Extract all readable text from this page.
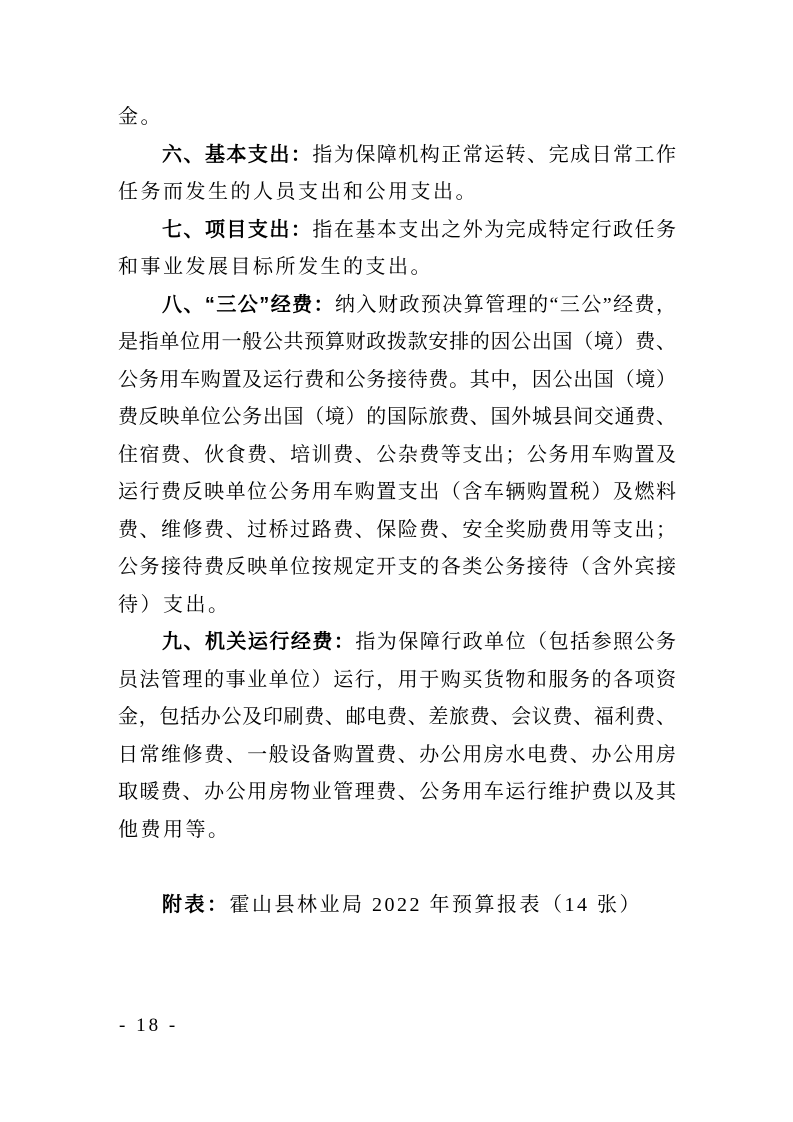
金。
六、基本支出：指为保障机构正常运转、完成日常工作
任务而发生的人员支出和公用支出。
七、项目支出：指在基本支出之外为完成特定行政任务
和事业发展目标所发生的支出。
八、“三公”经费：纳入财政预决算管理的“三公”经费，
是指单位用一般公共预算财政拨款安排的因公出国（境）费、
公务用车购置及运行费和公务接待费。其中，因公出国（境）
费反映单位公务出国（境）的国际旅费、国外城县间交通费、
住宿费、伙食费、培训费、公杂费等支出；公务用车购置及
运行费反映单位公务用车购置支出（含车辆购置税）及燃料
费、维修费、过桥过路费、保险费、安全奖励费用等支出；
公务接待费反映单位按规定开支的各类公务接待（含外宾接
待）支出。
九、机关运行经费：指为保障行政单位（包括参照公务
员法管理的事业单位）运行，用于购买货物和服务的各项资
金，包括办公及印刷费、邮电费、差旅费、会议费、福利费、
日常维修费、一般设备购置费、办公用房水电费、办公用房
取暖费、办公用房物业管理费、公务用车运行维护费以及其
他费用等。
附表：霍山县林业局 2022 年预算报表（14 张）
- 18 -
